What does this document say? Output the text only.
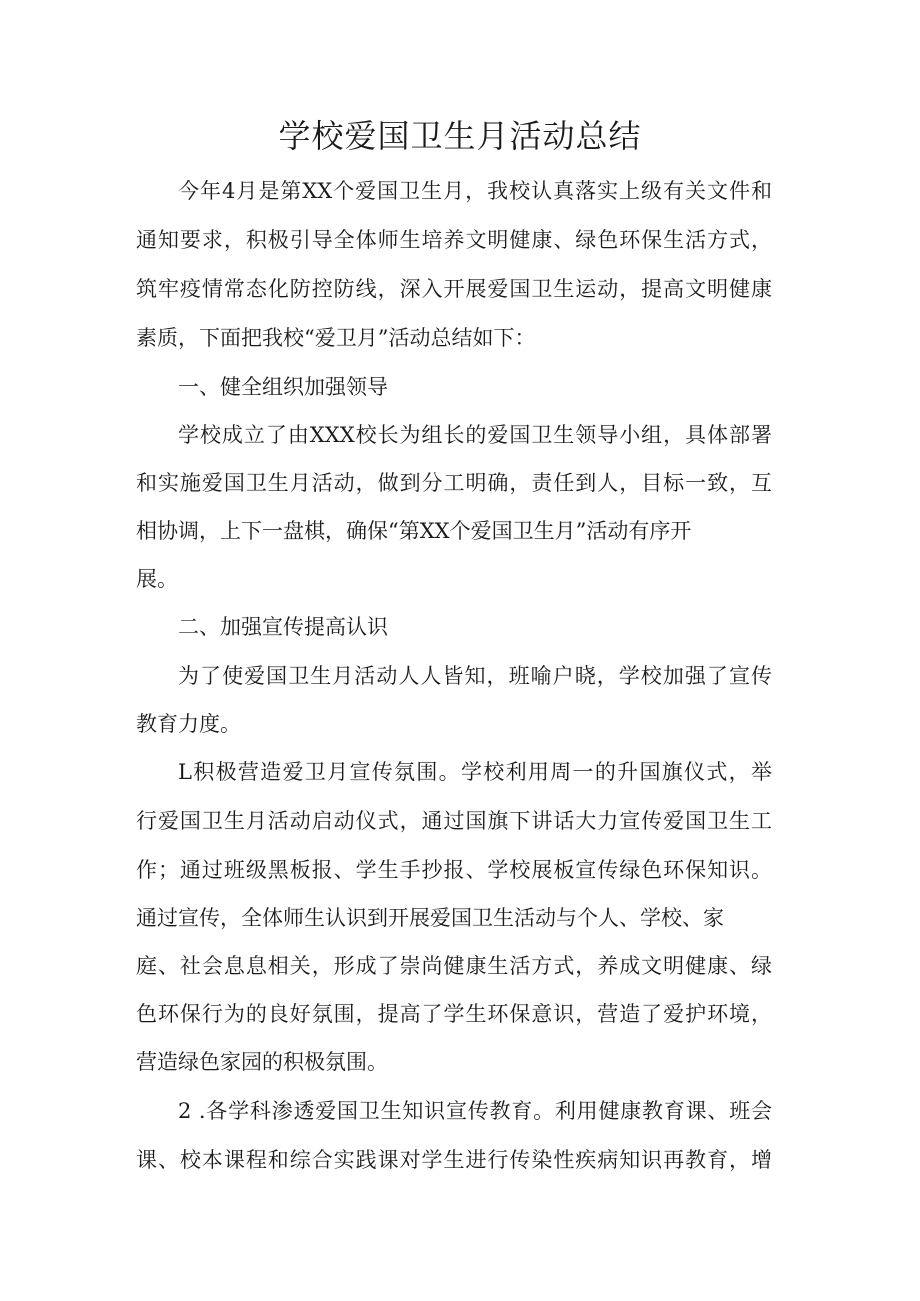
学校爱国卫生月活动总结
今年4月是第XX个爱国卫生月，我校认真落实上级有关文件和
通知要求，积极引导全体师生培养文明健康、绿色环保生活方式，
筑牢疫情常态化防控防线，深入开展爱国卫生运动，提高文明健康
素质，下面把我校“爱卫月”活动总结如下：
一、健全组织加强领导
学校成立了由XXX校长为组长的爱国卫生领导小组，具体部署
和实施爱国卫生月活动，做到分工明确，责任到人，目标一致，互
相协调，上下一盘棋，确保“第XX个爱国卫生月”活动有序开
展。
二、加强宣传提高认识
为了使爱国卫生月活动人人皆知，班喻户晓，学校加强了宣传
教育力度。
L积极营造爱卫月宣传氛围。学校利用周一的升国旗仪式，举
行爱国卫生月活动启动仪式，通过国旗下讲话大力宣传爱国卫生工
作；通过班级黑板报、学生手抄报、学校展板宣传绿色环保知识。
通过宣传，全体师生认识到开展爱国卫生活动与个人、学校、家
庭、社会息息相关，形成了崇尚健康生活方式，养成文明健康、绿
色环保行为的良好氛围，提高了学生环保意识，营造了爱护环境，
营造绿色家园的积极氛围。
2 .各学科渗透爱国卫生知识宣传教育。利用健康教育课、班会
课、校本课程和综合实践课对学生进行传染性疾病知识再教育，增
